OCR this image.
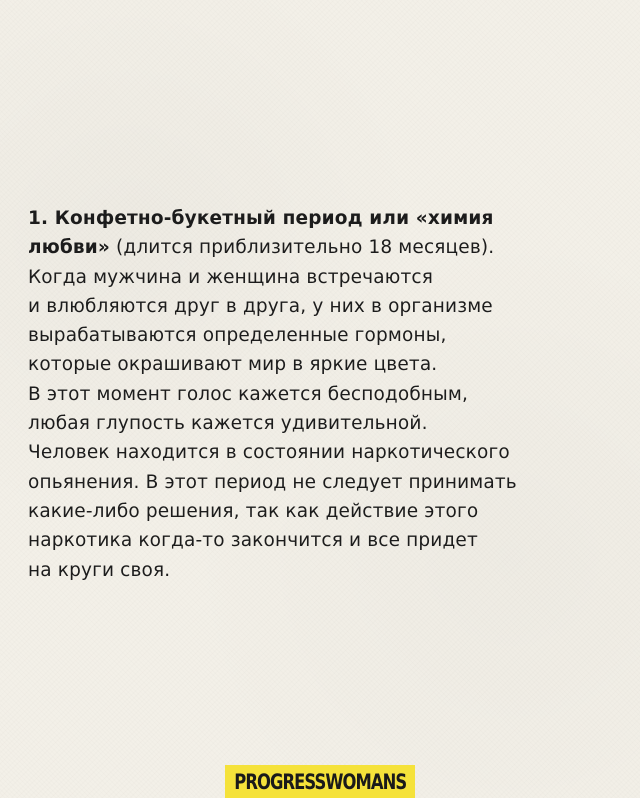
1. Конфетно-букетный период или «химия
любви» (длится приблизительно 18 месяцев).
Когда мужчина и женщина встречаются
и влюбляются друг в друга, у них в организме
вырабатываются определенные гормоны,
которые окрашивают мир в яркие цвета.
В этот момент голос кажется бесподобным,
любая глупость кажется удивительной.
Человек находится в состоянии наркотического
опьянения. В этот период не следует принимать
какие-либо решения, так как действие этого
наркотика когда-то закончится и все придет
на круги своя.
PROGRESSWOMANS
